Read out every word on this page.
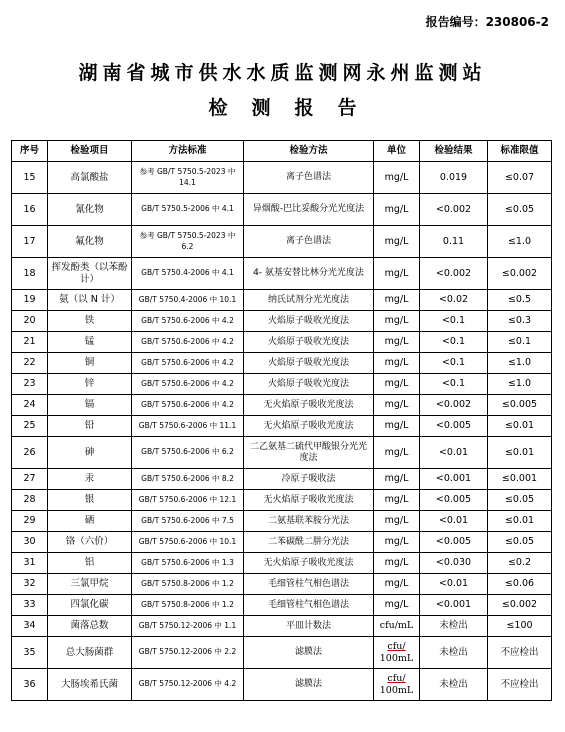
报告编号：230806-2
湖南省城市供水水质监测网永州监测站
检测报告
序号	检验项目	方法标准	检验方法	单位	检验结果	标准限值
15	高氯酸盐	参考 GB/T 5750.5-2023 中 14.1	离子色谱法	mg/L	0.019	≤0.07
16	氰化物	GB/T 5750.5-2006 中 4.1	异烟酸-巴比妥酸分光光度法	mg/L	<0.002	≤0.05
17	氟化物	参考 GB/T 5750.5-2023 中 6.2	离子色谱法	mg/L	0.11	≤1.0
18	挥发酚类（以苯酚计）	GB/T 5750.4-2006 中 4.1	4- 氨基安替比林分光光度法	mg/L	<0.002	≤0.002
19	氨（以 N 计）	GB/T 5750.4-2006 中 10.1	纳氏试剂分光光度法	mg/L	<0.02	≤0.5
20	铁	GB/T 5750.6-2006 中 4.2	火焰原子吸收光度法	mg/L	<0.1	≤0.3
21	锰	GB/T 5750.6-2006 中 4.2	火焰原子吸收光度法	mg/L	<0.1	≤0.1
22	铜	GB/T 5750.6-2006 中 4.2	火焰原子吸收光度法	mg/L	<0.1	≤1.0
23	锌	GB/T 5750.6-2006 中 4.2	火焰原子吸收光度法	mg/L	<0.1	≤1.0
24	镉	GB/T 5750.6-2006 中 4.2	无火焰原子吸收光度法	mg/L	<0.002	≤0.005
25	铅	GB/T 5750.6-2006 中 11.1	无火焰原子吸收光度法	mg/L	<0.005	≤0.01
26	砷	GB/T 5750.6-2006 中 6.2	二乙氨基二硫代甲酸银分光光度法	mg/L	<0.01	≤0.01
27	汞	GB/T 5750.6-2006 中 8.2	冷原子吸收法	mg/L	<0.001	≤0.001
28	银	GB/T 5750.6-2006 中 12.1	无火焰原子吸收光度法	mg/L	<0.005	≤0.05
29	硒	GB/T 5750.6-2006 中 7.5	二氨基联苯胺分光法	mg/L	<0.01	≤0.01
30	铬（六价）	GB/T 5750.6-2006 中 10.1	二苯碳酰二肼分光法	mg/L	<0.005	≤0.05
31	铝	GB/T 5750.6-2006 中 1.3	无火焰原子吸收光度法	mg/L	<0.030	≤0.2
32	三氯甲烷	GB/T 5750.8-2006 中 1.2	毛细管柱气相色谱法	mg/L	<0.01	≤0.06
33	四氯化碳	GB/T 5750.8-2006 中 1.2	毛细管柱气相色谱法	mg/L	<0.001	≤0.002
34	菌落总数	GB/T 5750.12-2006 中 1.1	平皿计数法	cfu/mL	未检出	≤100
35	总大肠菌群	GB/T 5750.12-2006 中 2.2	滤膜法	$\frac{\text{cfu/}}{100mL}$	未检出	不应检出
36	大肠埃希氏菌	GB/T 5750.12-2006 中 4.2	滤膜法	$\frac{\text{cfu/}}{100mL}$	未检出	不应检出
